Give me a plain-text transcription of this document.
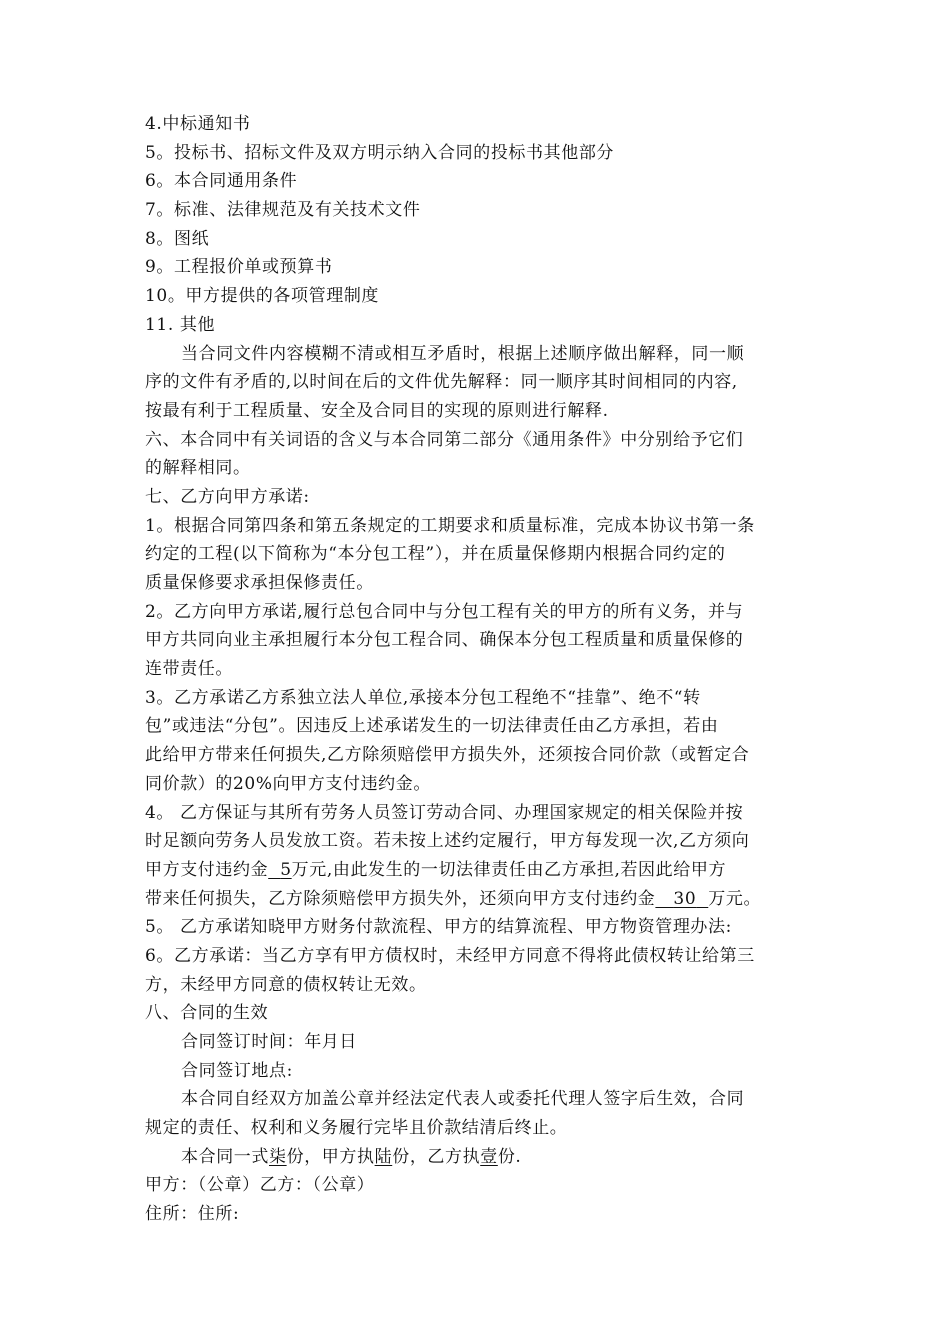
4.中标通知书
5。投标书、招标文件及双方明示纳入合同的投标书其他部分
6。本合同通用条件
7。标准、法律规范及有关技术文件
8。图纸
9。工程报价单或预算书
10。甲方提供的各项管理制度
11. 其他
当合同文件内容模糊不清或相互矛盾时，根据上述顺序做出解释，同一顺
序的文件有矛盾的,以时间在后的文件优先解释：同一顺序其时间相同的内容,
按最有利于工程质量、安全及合同目的实现的原则进行解释.
六、本合同中有关词语的含义与本合同第二部分《通用条件》中分别给予它们
的解释相同。
七、乙方向甲方承诺:
1。根据合同第四条和第五条规定的工期要求和质量标准，完成本协议书第一条
约定的工程(以下简称为“本分包工程”），并在质量保修期内根据合同约定的
质量保修要求承担保修责任。
2。乙方向甲方承诺,履行总包合同中与分包工程有关的甲方的所有义务，并与
甲方共同向业主承担履行本分包工程合同、确保本分包工程质量和质量保修的
连带责任。
3。乙方承诺乙方系独立法人单位,承接本分包工程绝不“挂靠”、绝不“转
包”或违法“分包”。因违反上述承诺发生的一切法律责任由乙方承担，若由
此给甲方带来任何损失,乙方除须赔偿甲方损失外，还须按合同价款（或暂定合
同价款）的20%向甲方支付违约金。
4。 乙方保证与其所有劳务人员签订劳动合同、办理国家规定的相关保险并按
时足额向劳务人员发放工资。若未按上述约定履行，甲方每发现一次,乙方须向
甲方支付违约金 5万元,由此发生的一切法律责任由乙方承担,若因此给甲方
带来任何损失，乙方除须赔偿甲方损失外，还须向甲方支付违约金 30 万元。
5。 乙方承诺知晓甲方财务付款流程、甲方的结算流程、甲方物资管理办法:
6。乙方承诺：当乙方享有甲方债权时，未经甲方同意不得将此债权转让给第三
方，未经甲方同意的债权转让无效。
八、合同的生效
合同签订时间：年月日
合同签订地点:
本合同自经双方加盖公章并经法定代表人或委托代理人签字后生效，合同
规定的责任、权利和义务履行完毕且价款结清后终止。
本合同一式柒份，甲方执陆份，乙方执壹份.
甲方：（公章）乙方：（公章）
住所：住所:
